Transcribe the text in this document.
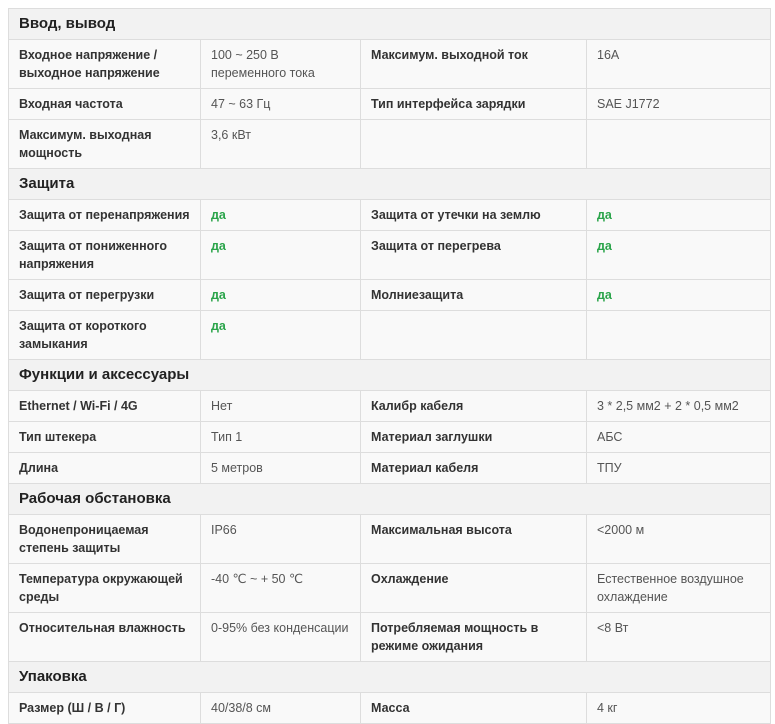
Ввод, вывод			
Входное напряжение / выходное напряжение	100 ~ 250 В переменного тока	Максимум. выходной ток	16A
Входная частота	47 ~ 63 Гц	Тип интерфейса зарядки	SAE J1772
Максимум. выходная мощность	3,6 кВт		
Защита			
Защита от перенапряжения	да	Защита от утечки на землю	да
Защита от пониженного напряжения	да	Защита от перегрева	да
Защита от перегрузки	да	Молниезащита	да
Защита от короткого замыкания	да		
Функции и аксессуары			
Ethernet / Wi-Fi / 4G	Нет	Калибр кабеля	3 * 2,5 мм2 + 2 * 0,5 мм2
Тип штекера	Тип 1	Материал заглушки	АБС
Длина	5 метров	Материал кабеля	ТПУ
Рабочая обстановка			
Водонепроницаемая степень защиты	IP66	Максимальная высота	<2000 м
Температура окружающей среды	-40 ℃ ~ + 50 ℃	Охлаждение	Естественное воздушное охлаждение
Относительная влажность	0-95% без конденсации	Потребляемая мощность в режиме ожидания	<8 Вт
Упаковка			
Размер (Ш / В / Г)	40/38/8 см	Масса	4 кг
